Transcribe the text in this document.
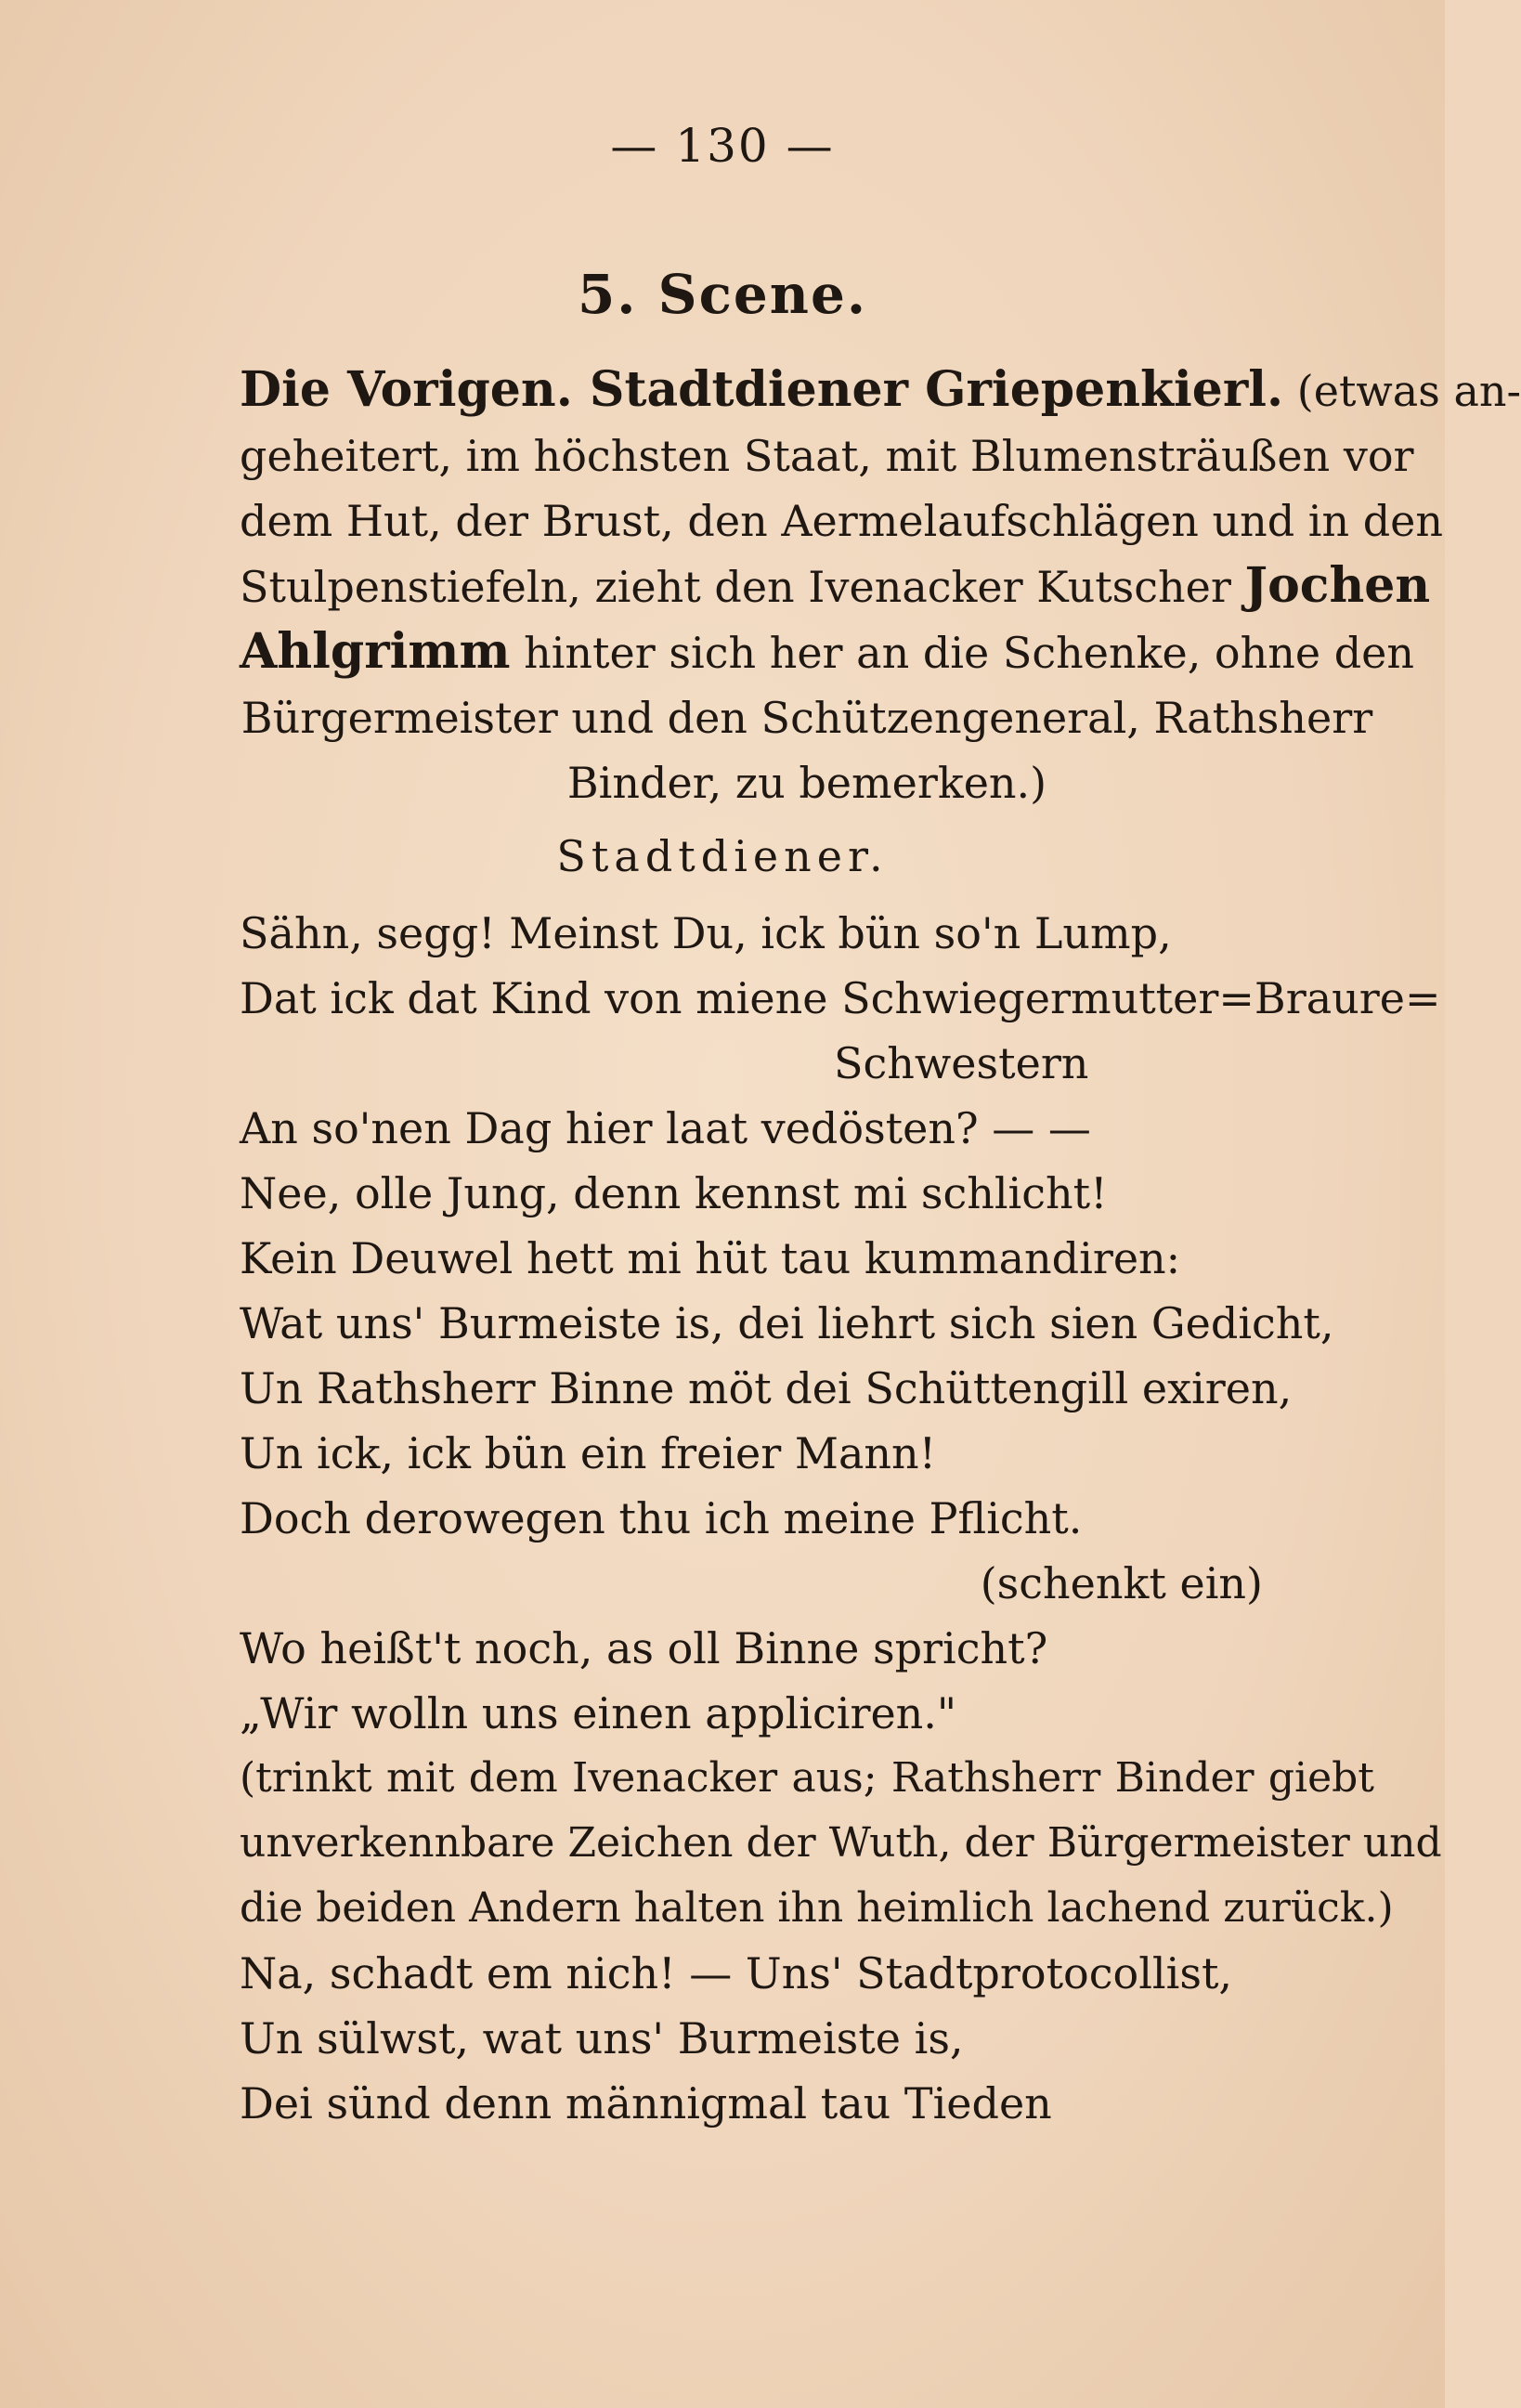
— 130 —
5. Scene.
Die Vorigen. Stadtdiener Griepenkierl. (etwas an-
geheitert, im höchsten Staat, mit Blumensträußen vor
dem Hut, der Brust, den Aermelaufschlägen und in den
Stulpenstiefeln, zieht den Ivenacker Kutscher Jochen
Ahlgrimm hinter sich her an die Schenke, ohne den
Bürgermeister und den Schützengeneral, Rathsherr
Binder, zu bemerken.)
Stadtdiener.
Sähn, segg! Meinst Du, ick bün so'n Lump,
Dat ick dat Kind von miene Schwiegermutter=Braure=
Schwestern
An so'nen Dag hier laat vedösten? — —
Nee, olle Jung, denn kennst mi schlicht!
Kein Deuwel hett mi hüt tau kummandiren:
Wat uns' Burmeiste is, dei liehrt sich sien Gedicht,
Un Rathsherr Binne möt dei Schüttengill exiren,
Un ick, ick bün ein freier Mann!
Doch derowegen thu ich meine Pflicht.
(schenkt ein)
Wo heißt't noch, as oll Binne spricht?
„Wir wolln uns einen appliciren."
(trinkt mit dem Ivenacker aus; Rathsherr Binder giebt
unverkennbare Zeichen der Wuth, der Bürgermeister und
die beiden Andern halten ihn heimlich lachend zurück.)
Na, schadt em nich! — Uns' Stadtprotocollist,
Un sülwst, wat uns' Burmeiste is,
Dei sünd denn männigmal tau Tieden
